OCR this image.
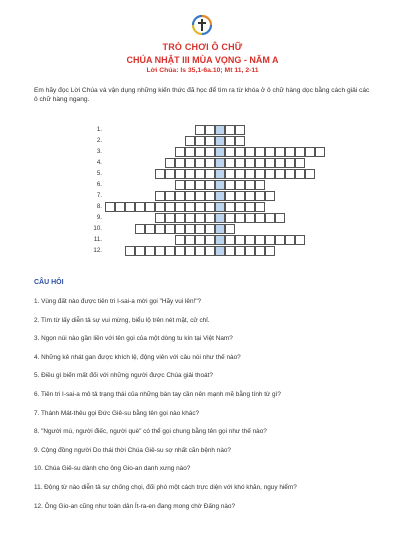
TRÒ CHƠI Ô CHỮ
CHÚA NHẬT III MÙA VỌNG - NĂM A
Lời Chúa: Is 35,1-6a.10; Mt 11, 2-11
Em hãy đọc Lời Chúa và vận dụng những kiến thức đã học để tìm ra từ khóa ở ô chữ hàng dọc bằng cách giải các ô chữ hàng ngang.
1.
2.
3.
4.
5.
6.
7.
8.
9.
10.
11.
12.
CÂU HỎI
1. Vùng đất nào được tiên tri I-sai-a mời gọi "Hãy vui lên!"?
2. Tìm từ lấy diễn tả sự vui mừng, biểu lộ trên nét mặt, cử chỉ.
3. Ngọn núi nào gần liền với tên gọi của một dòng tu kín tại Việt Nam?
4. Những kẻ nhát gan được khích lệ, động viên với câu nói như thế nào?
5. Điều gì biến mất đối với những người được Chúa giải thoát?
6. Tiên tri I-sai-a mô tả trạng thái của những bàn tay cần nên mạnh mẽ bằng tính từ gì?
7. Thánh Mát-thêu gọi Đức Giê-su bằng tên gọi nào khác?
8. "Người mù, người điếc, người què" có thể gọi chung bằng tên gọi như thế nào?
9. Cộng đồng người Do thái thời Chúa Giê-su sợ nhất căn bệnh nào?
10. Chúa Giê-su dành cho ông Gio-an danh xưng nào?
11. Động từ nào diễn tả sự chống chọi, đối phó một cách trực diện với khó khăn, nguy hiểm?
12. Ông Gio-an cũng như toàn dân Ít-ra-en đang mong chờ Đấng nào?
